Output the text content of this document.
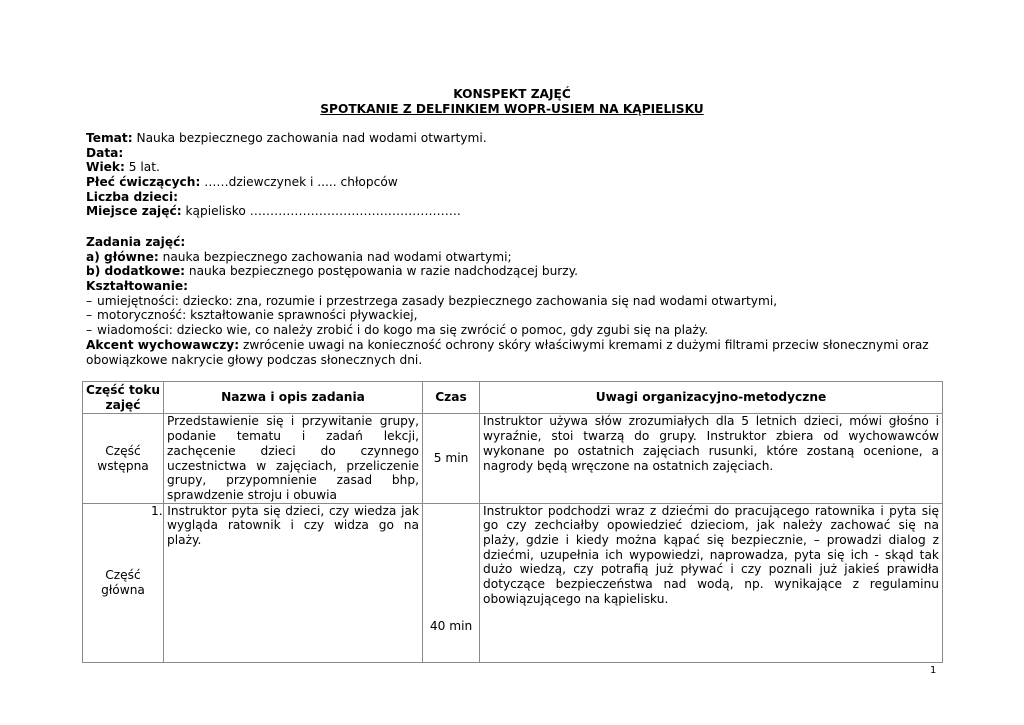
KONSPEKT ZAJĘĆ
SPOTKANIE Z DELFINKIEM WOPR-USIEM NA KĄPIELISKU
Temat: Nauka bezpiecznego zachowania nad wodami otwartymi.
Data:
Wiek: 5 lat.
Płeć ćwiczących: ……dziewczynek i ..... chłopców
Liczba dzieci:
Miejsce zajęć: kąpielisko …………………………………………….
Zadania zajęć:
a) główne: nauka bezpiecznego zachowania nad wodami otwartymi;
b) dodatkowe: nauka bezpiecznego postępowania w razie nadchodzącej burzy.
Kształtowanie:
– umiejętności: dziecko: zna, rozumie i przestrzega zasady bezpiecznego zachowania się nad wodami otwartymi,
– motoryczność: kształtowanie sprawności pływackiej,
– wiadomości: dziecko wie, co należy zrobić i do kogo ma się zwrócić o pomoc, gdy zgubi się na plaży.
Akcent wychowawczy: zwrócenie uwagi na konieczność ochrony skóry właściwymi kremami z dużymi filtrami przeciw słonecznymi oraz
obowiązkowe nakrycie głowy podczas słonecznych dni.
Część toku zajęć	Nazwa i opis zadania	Czas	Uwagi organizacyjno-metodyczne
Część wstępna	Przedstawienie się i przywitanie grupy, podanie tematu i zadań lekcji, zachęcenie dzieci do czynnego uczestnictwa w zajęciach, przeliczenie grupy, przypomnienie zasad bhp, sprawdzenie stroju i obuwia	5 min	Instruktor używa słów zrozumiałych dla 5 letnich dzieci, mówi głośno i wyraźnie, stoi twarzą do grupy. Instruktor zbiera od wychowawców wykonane po ostatnich zajęciach rusunki, które zostaną ocenione, a nagrody będą wręczone na ostatnich zajęciach.
Część główna	1. Instruktor pyta się dzieci, czy wiedza jak wygląda ratownik i czy widza go na plaży.	40 min	Instruktor podchodzi wraz z dziećmi do pracującego ratownika i pyta się go czy zechciałby opowiedzieć dzieciom, jak należy zachować się na plaży, gdzie i kiedy można kąpać się bezpiecznie, – prowadzi dialog z dziećmi, uzupełnia ich wypowiedzi, naprowadza, pyta się ich - skąd tak dużo wiedzą, czy potrafią już pływać i czy poznali już jakieś prawidła dotyczące bezpieczeństwa nad wodą, np. wynikające z regulaminu obowiązującego na kąpielisku.
1
